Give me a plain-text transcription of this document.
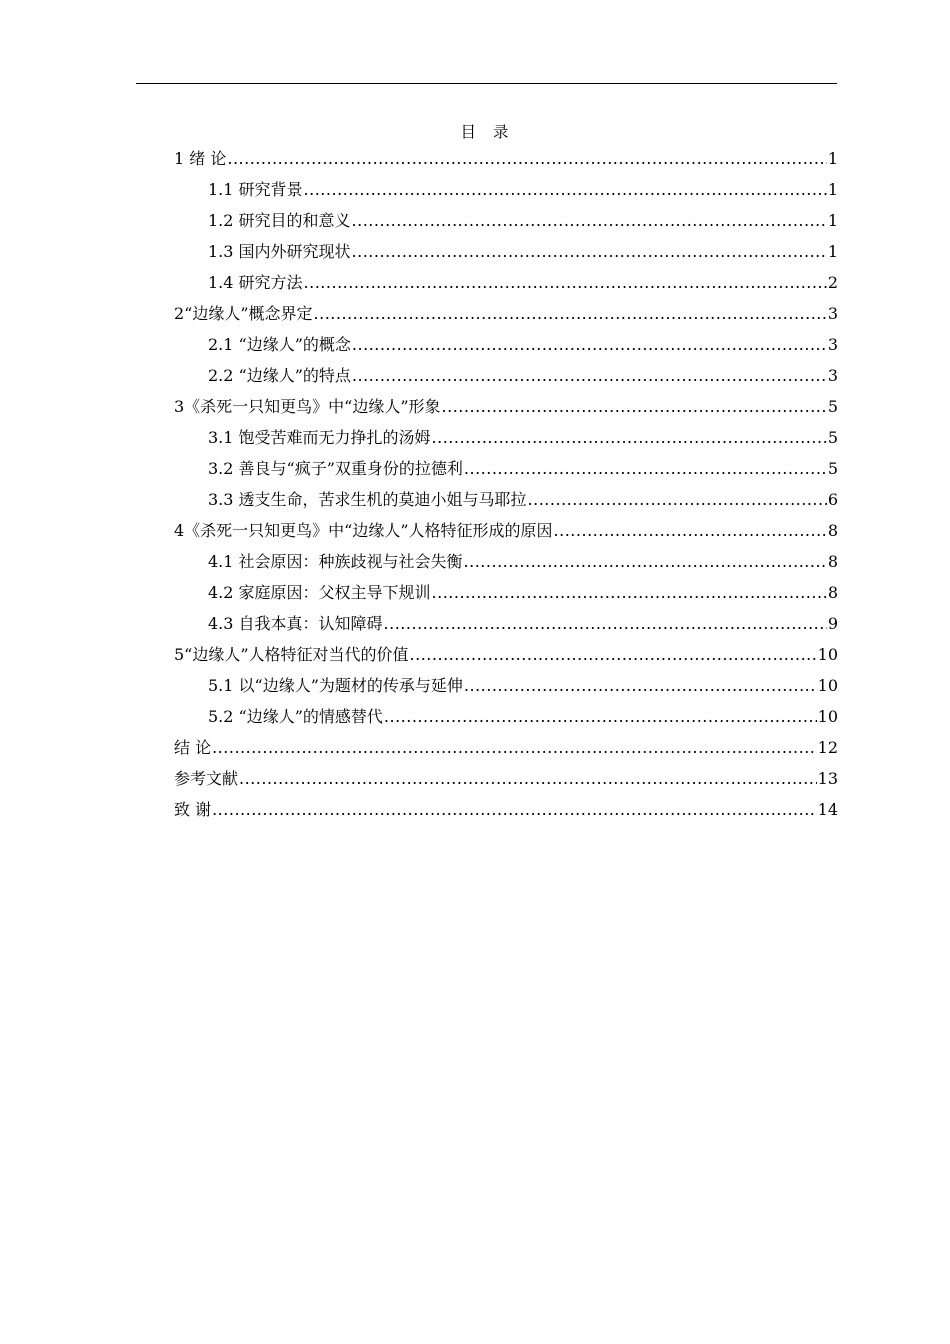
目 录
1 绪 论 .....	1
1.1 研究背景 .....	1
1.2 研究目的和意义 .....	1
1.3 国内外研究现状 .....	1
1.4 研究方法 .....	2
2“边缘人”概念界定 .....	3
2.1 “边缘人”的概念 .....	3
2.2 “边缘人”的特点 .....	3
3《杀死一只知更鸟》中“边缘人”形象 .....	5
3.1 饱受苦难而无力挣扎的汤姆 .....	5
3.2 善良与“疯子”双重身份的拉德利 .....	5
3.3 透支生命，苦求生机的莫迪小姐与马耶拉 .....	6
4《杀死一只知更鸟》中“边缘人”人格特征形成的原因 .....	8
4.1 社会原因：种族歧视与社会失衡 .....	8
4.2 家庭原因：父权主导下规训 .....	8
4.3 自我本真：认知障碍 .....	9
5“边缘人”人格特征对当代的价值 .....	10
5.1 以“边缘人”为题材的传承与延伸 .....	10
5.2 “边缘人”的情感替代 .....	10
结 论 .....	12
参考文献 .....	13
致 谢 .....	14
